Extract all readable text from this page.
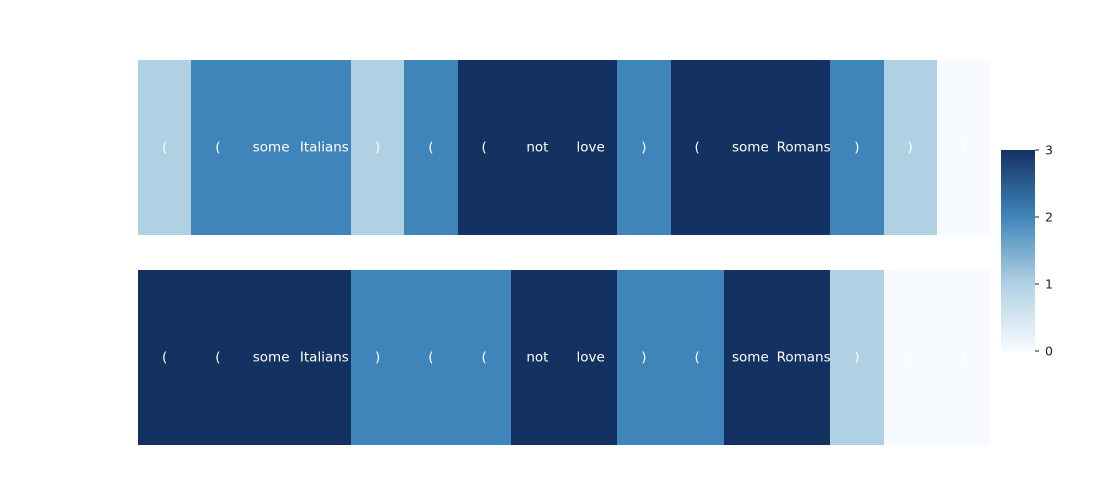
(	( some Italians )	(	(	not love	)	( some Romans )	)	)
(	( some Italians )	(	(	not love	)	( some Romans )	)	)	0
1
2
3
